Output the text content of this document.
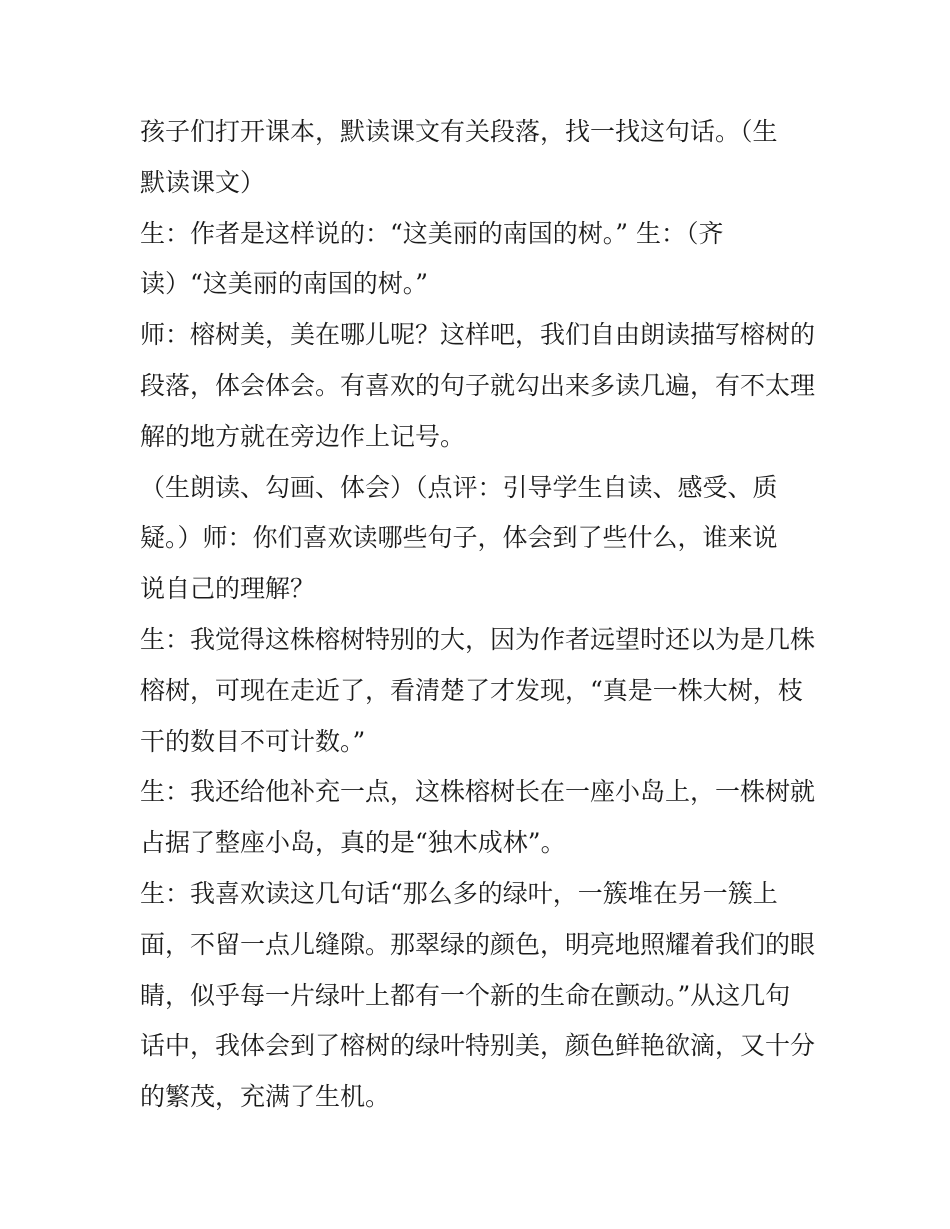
孩子们打开课本，默读课文有关段落，找一找这句话。（生
默读课文）
生：作者是这样说的：“这美丽的南国的树。” 生：（齐
读）“这美丽的南国的树。”
师：榕树美，美在哪儿呢？这样吧，我们自由朗读描写榕树的
段落，体会体会。有喜欢的句子就勾出来多读几遍，有不太理
解的地方就在旁边作上记号。
（生朗读、勾画、体会）（点评：引导学生自读、感受、质
疑。）师：你们喜欢读哪些句子，体会到了些什么，谁来说
说自己的理解？
生：我觉得这株榕树特别的大，因为作者远望时还以为是几株
榕树，可现在走近了，看清楚了才发现，“真是一株大树，枝
干的数目不可计数。”
生：我还给他补充一点，这株榕树长在一座小岛上，一株树就
占据了整座小岛，真的是“独木成林”。
生：我喜欢读这几句话“那么多的绿叶，一簇堆在另一簇上
面，不留一点儿缝隙。那翠绿的颜色，明亮地照耀着我们的眼
睛，似乎每一片绿叶上都有一个新的生命在颤动。”从这几句
话中，我体会到了榕树的绿叶特别美，颜色鲜艳欲滴，又十分
的繁茂，充满了生机。
